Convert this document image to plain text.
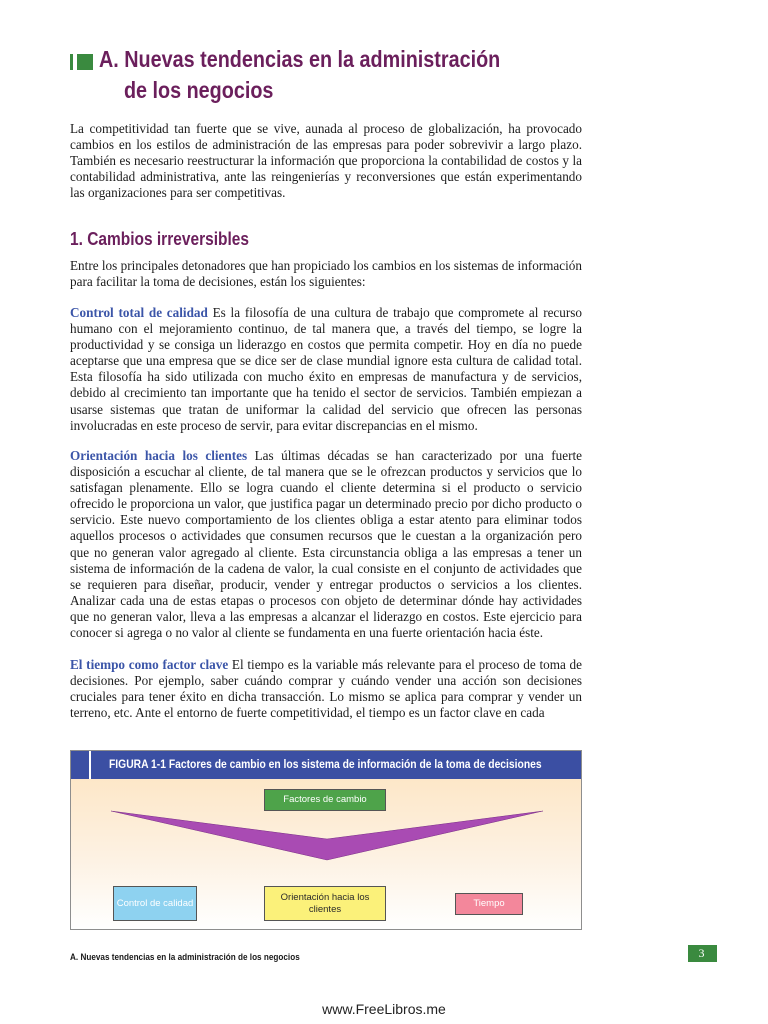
A. Nuevas tendencias en la administración
de los negocios

La competitividad tan fuerte que se vive, aunada al proceso de globalización, ha provocado cambios en los estilos de administración de las empresas para poder sobrevivir a largo plazo. También es necesario reestructurar la información que proporciona la contabilidad de costos y la contabilidad administrativa, ante las reingenierías y reconversiones que están experimentando las organizaciones para ser competitivas.

1. Cambios irreversibles

Entre los principales detonadores que han propiciado los cambios en los sistemas de información para facilitar la toma de decisiones, están los siguientes:

Control total de calidad Es la filosofía de una cultura de trabajo que compromete al recurso humano con el mejoramiento continuo, de tal manera que, a través del tiempo, se logre la productividad y se consiga un liderazgo en costos que permita competir. Hoy en día no puede aceptarse que una empresa que se dice ser de clase mundial ignore esta cultura de calidad total. Esta filosofía ha sido utilizada con mucho éxito en empresas de manufactura y de servicios, debido al crecimiento tan importante que ha tenido el sector de servicios. También empiezan a usarse sistemas que tratan de uniformar la calidad del servicio que ofrecen las personas involucradas en este proceso de servir, para evitar discrepancias en el mismo.

Orientación hacia los clientes Las últimas décadas se han caracterizado por una fuerte disposición a escuchar al cliente, de tal manera que se le ofrezcan productos y servicios que lo satisfagan plenamente. Ello se logra cuando el cliente determina si el producto o servicio ofrecido le proporciona un valor, que justifica pagar un determinado precio por dicho producto o servicio. Este nuevo comportamiento de los clientes obliga a estar atento para eliminar todos aquellos procesos o actividades que consumen recursos que le cuestan a la organización pero que no generan valor agregado al cliente. Esta circunstancia obliga a las empresas a tener un sistema de información de la cadena de valor, la cual consiste en el conjunto de actividades que se requieren para diseñar, producir, vender y entregar productos o servicios a los clientes. Analizar cada una de estas etapas o procesos con objeto de determinar dónde hay actividades que no generan valor, lleva a las empresas a alcanzar el liderazgo en costos. Este ejercicio para conocer si agrega o no valor al cliente se fundamenta en una fuerte orientación hacia éste.

El tiempo como factor clave El tiempo es la variable más relevante para el proceso de toma de decisiones. Por ejemplo, saber cuándo comprar y cuándo vender una acción son decisiones cruciales para tener éxito en dicha transacción. Lo mismo se aplica para comprar y vender un terreno, etc. Ante el entorno de fuerte competitividad, el tiempo es un factor clave en cada

FIGURA 1-1 Factores de cambio en los sistema de información de la toma de decisiones
Factores de cambio
Control de calidad
Orientación hacia los clientes	Tiempo

A. Nuevas tendencias en la administración de los negocios	3

www.FreeLibros.me
